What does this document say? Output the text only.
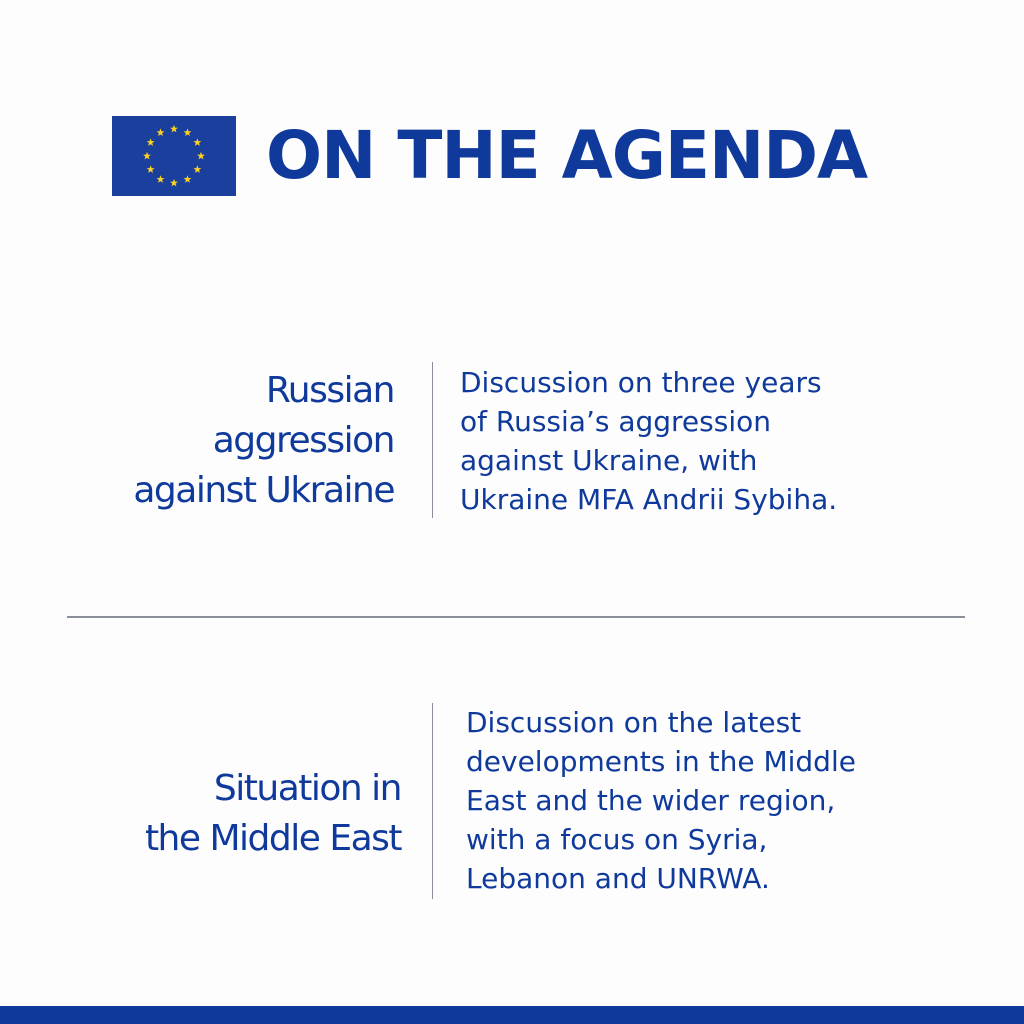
ON THE AGENDA
Russian
aggression
against Ukraine
Discussion on three years
of Russia’s aggression
against Ukraine, with
Ukraine MFA Andrii Sybiha.
Situation in
the Middle East
Discussion on the latest
developments in the Middle
East and the wider region,
with a focus on Syria,
Lebanon and UNRWA.
